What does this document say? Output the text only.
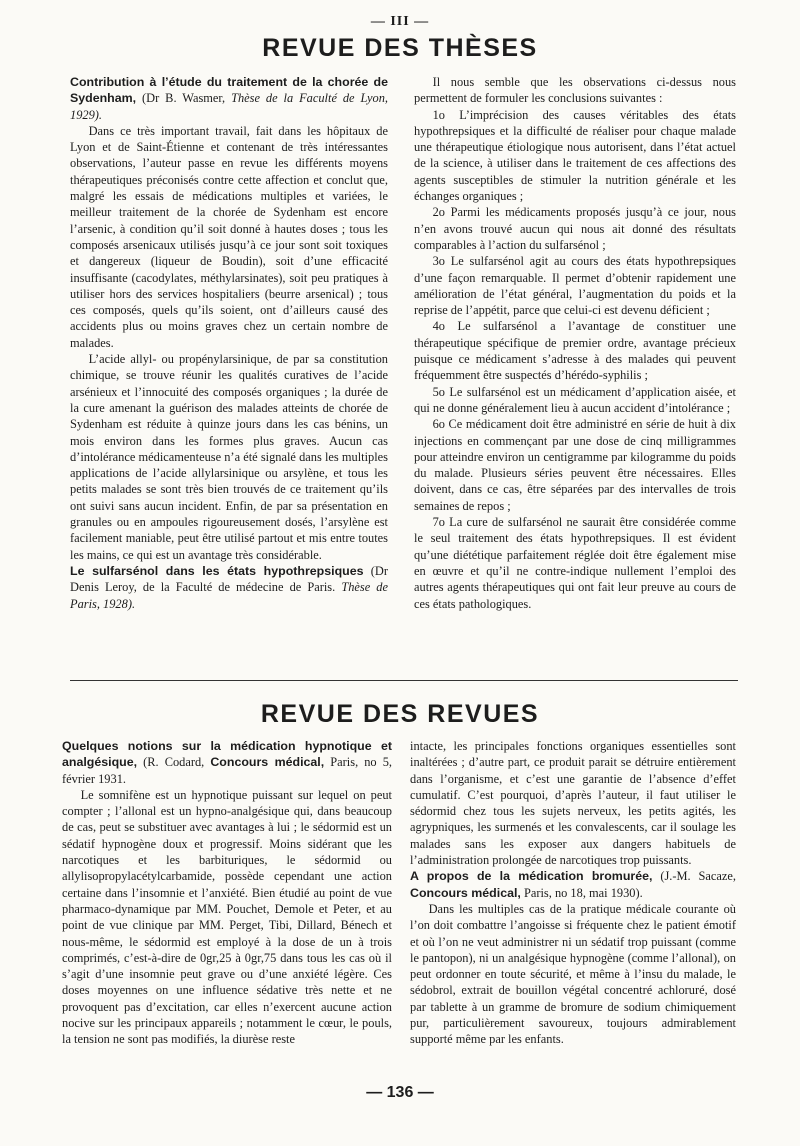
— III —
REVUE DES THÈSES

Contribution à l’étude du traitement de la chorée de Sydenham, (Dr B. Wasmer, Thèse de la Faculté de Lyon, 1929).

Dans ce très important travail, fait dans les hôpitaux de Lyon et de Saint-Étienne et contenant de très intéressantes observations, l’auteur passe en revue les différents moyens thérapeutiques préconisés contre cette affection et conclut que, malgré les essais de médications multiples et variées, le meilleur traitement de la chorée de Sydenham est encore l’arsenic, à condition qu’il soit donné à hautes doses ; tous les composés arsenicaux utilisés jusqu’à ce jour sont soit toxiques et dangereux (liqueur de Boudin), soit d’une efficacité insuffisante (cacodylates, méthylarsinates), soit peu pratiques à utiliser hors des services hospitaliers (beurre arsenical) ; tous ces composés, quels qu’ils soient, ont d’ailleurs causé des accidents plus ou moins graves chez un certain nombre de malades.

L’acide allyl- ou propénylarsinique, de par sa constitution chimique, se trouve réunir les qualités curatives de l’acide arsénieux et l’innocuité des composés organiques ; la durée de la cure amenant la guérison des malades atteints de chorée de Sydenham est réduite à quinze jours dans les cas bénins, un mois environ dans les formes plus graves. Aucun cas d’intolérance médicamenteuse n’a été signalé dans les multiples applications de l’acide allylarsinique ou arsylène, et tous les petits malades se sont très bien trouvés de ce traitement qu’ils ont suivi sans aucun incident. Enfin, de par sa présentation en granules ou en ampoules rigoureusement dosés, l’arsylène est facilement maniable, peut être utilisé partout et mis entre toutes les mains, ce qui est un avantage très considérable.

Le sulfarsénol dans les états hypothrepsiques (Dr Denis Leroy, de la Faculté de médecine de Paris. Thèse de Paris, 1928).

Il nous semble que les observations ci-dessus nous permettent de formuler les conclusions suivantes :

1o L’imprécision des causes véritables des états hypothrepsiques et la difficulté de réaliser pour chaque malade une thérapeutique étiologique nous autorisent, dans l’état actuel de la science, à utiliser dans le traitement de ces affections des agents susceptibles de stimuler la nutrition générale et les échanges organiques ;

2o Parmi les médicaments proposés jusqu’à ce jour, nous n’en avons trouvé aucun qui nous ait donné des résultats comparables à l’action du sulfarsénol ;

3o Le sulfarsénol agit au cours des états hypothrepsiques d’une façon remarquable. Il permet d’obtenir rapidement une amélioration de l’état général, l’augmentation du poids et la reprise de l’appétit, parce que celui-ci est devenu déficient ;

4o Le sulfarsénol a l’avantage de constituer une thérapeutique spécifique de premier ordre, avantage précieux puisque ce médicament s’adresse à des malades qui peuvent fréquemment être suspectés d’hérédo-syphilis ;

5o Le sulfarsénol est un médicament d’application aisée, et qui ne donne généralement lieu à aucun accident d’intolérance ;

6o Ce médicament doit être administré en série de huit à dix injections en commençant par une dose de cinq milligrammes pour atteindre environ un centigramme par kilogramme du poids du malade. Plusieurs séries peuvent être nécessaires. Elles doivent, dans ce cas, être séparées par des intervalles de trois semaines de repos ;

7o La cure de sulfarsénol ne saurait être considérée comme le seul traitement des états hypothrepsiques. Il est évident qu’une diététique parfaitement réglée doit être également mise en œuvre et qu’il ne contre-indique nullement l’emploi des autres agents thérapeutiques qui ont fait leur preuve au cours de ces états pathologiques.

REVUE DES REVUES

Quelques notions sur la médication hypnotique et analgésique, (R. Codard, Concours médical, Paris, no 5, février 1931.

Le somnifène est un hypnotique puissant sur lequel on peut compter ; l’allonal est un hypno-analgésique qui, dans beaucoup de cas, peut se substituer avec avantages à lui ; le sédormid est un sédatif hypnogène doux et progressif. Moins sidérant que les narcotiques et les barbituriques, le sédormid ou allylisopropylacétylcarbamide, possède cependant une action certaine dans l’insomnie et l’anxiété. Bien étudié au point de vue pharmaco-dynamique par MM. Pouchet, Demole et Peter, et au point de vue clinique par MM. Perget, Tibi, Dillard, Bénech et nous-même, le sédormid est employé à la dose de un à trois comprimés, c’est-à-dire de 0gr,25 à 0gr,75 dans tous les cas où il s’agit d’une insomnie peut grave ou d’une anxiété légère. Ces doses moyennes on une influence sédative très nette et ne provoquent pas d’excitation, car elles n’exercent aucune action nocive sur les principaux appareils ; notamment le cœur, le pouls, la tension ne sont pas modifiés, la diurèse reste

intacte, les principales fonctions organiques essentielles sont inaltérées ; d’autre part, ce produit parait se détruire entièrement dans l’organisme, et c’est une garantie de l’absence d’effet cumulatif. C’est pourquoi, d’après l’auteur, il faut utiliser le sédormid chez tous les sujets nerveux, les petits agités, les agrypniques, les surmenés et les convalescents, car il soulage les malades sans les exposer aux dangers habituels de l’administration prolongée de narcotiques trop puissants.

A propos de la médication bromurée, (J.-M. Sacaze, Concours médical, Paris, no 18, mai 1930).

Dans les multiples cas de la pratique médicale courante où l’on doit combattre l’angoisse si fréquente chez le patient émotif et où l’on ne veut administrer ni un sédatif trop puissant (comme le pantopon), ni un analgésique hypnogène (comme l’allonal), on peut ordonner en toute sécurité, et même à l’insu du malade, le sédobrol, extrait de bouillon végétal concentré achloruré, dosé par tablette à un gramme de bromure de sodium chimiquement pur, particulièrement savoureux, toujours admirablement supporté même par les enfants.

— 136 —
